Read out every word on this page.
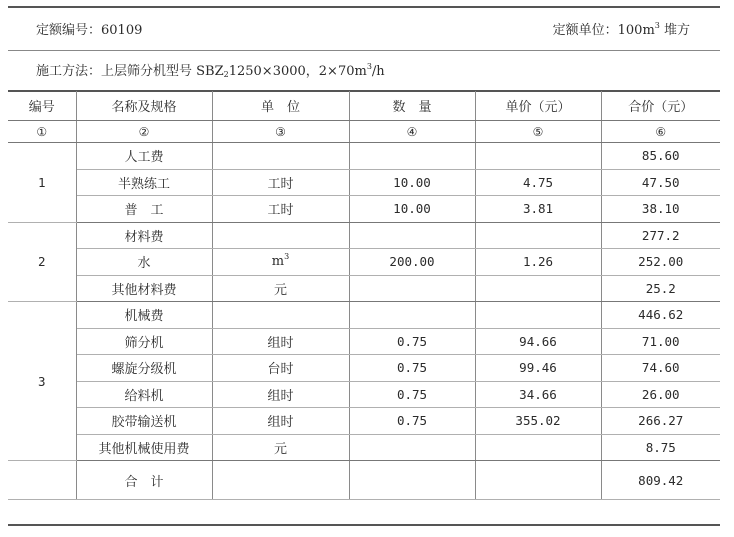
定额编号：60109	定额单位：$100m^3$ 堆方
施工方法：上层筛分机型号 $SBZ_21250\times 3000$，$2\times 70m^3/h$
编号	名称及规格	单　位	数　量	单价（元）	合价（元）
①	②	③	④	⑤	⑥
1	人工费				85.60
	半熟练工	工时	10.00	4.75	47.50
	普　工	工时	10.00	3.81	38.10
2	材料费				277.2
	水	$m^3$	200.00	1.26	252.00
	其他材料费	元			25.2
3	机械费				446.62
	筛分机	组时	0.75	94.66	71.00
	螺旋分级机	台时	0.75	99.46	74.60
	给料机	组时	0.75	34.66	26.00
	胶带输送机	组时	0.75	355.02	266.27
	其他机械使用费	元			8.75
	合　计				809.42
